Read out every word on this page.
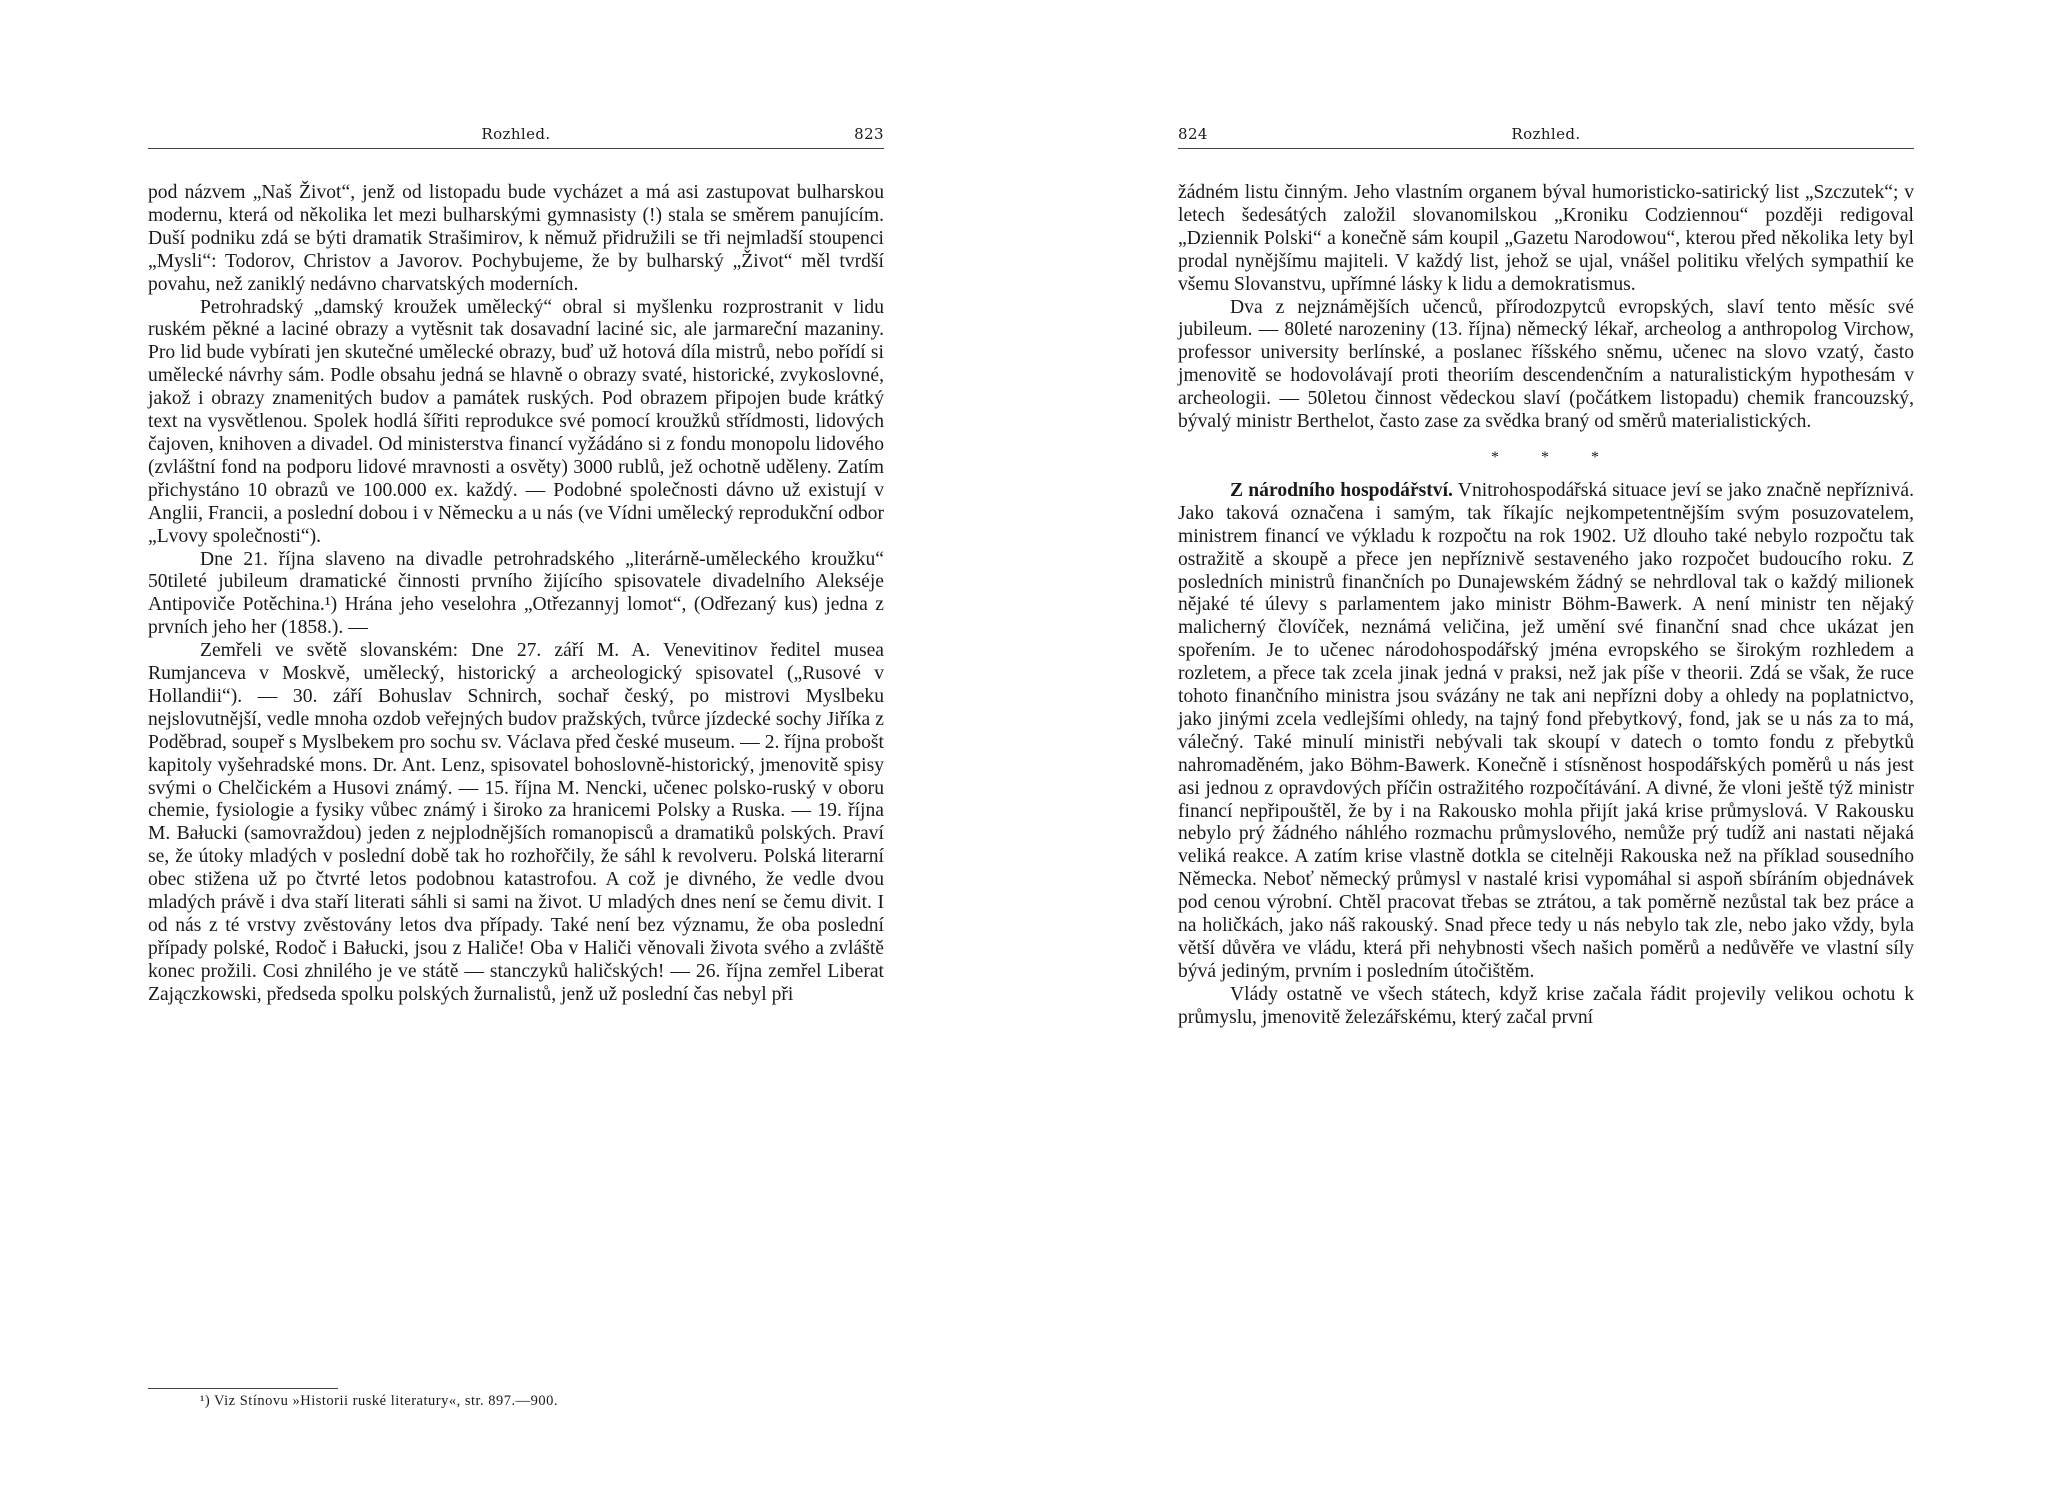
Rozhled.	823

pod názvem „Naš Život“, jenž od listopadu bude vycházet a má asi zastupovat bulharskou modernu, která od několika let mezi bulharskými gymnasisty (!) stala se směrem panujícím. Duší podniku zdá se býti dramatik Strašimirov, k němuž přidružili se tři nejmladší stoupenci „Mysli“: Todorov, Christov a Javorov. Pochybujeme, že by bulharský „Život“ měl tvrdší povahu, než zaniklý nedávno charvatských moderních.

Petrohradský „damský kroužek umělecký“ obral si myšlenku rozprostranit v lidu ruském pěkné a laciné obrazy a vytěsnit tak dosavadní laciné sic, ale jarmareční mazaniny. Pro lid bude vybírati jen skutečné umělecké obrazy, buď už hotová díla mistrů, nebo pořídí si umělecké návrhy sám. Podle obsahu jedná se hlavně o obrazy svaté, historické, zvykoslovné, jakož i obrazy znamenitých budov a památek ruských. Pod obrazem připojen bude krátký text na vysvětlenou. Spolek hodlá šířiti reprodukce své pomocí kroužků střídmosti, lidových čajoven, knihoven a divadel. Od ministerstva financí vyžádáno si z fondu monopolu lidového (zvláštní fond na podporu lidové mravnosti a osvěty) 3000 rublů, jež ochotně uděleny. Zatím přichystáno 10 obrazů ve 100.000 ex. každý. — Podobné společnosti dávno už existují v Anglii, Francii, a poslední dobou i v Německu a u nás (ve Vídni umělecký reprodukční odbor „Lvovy společnosti“).

Dne 21. října slaveno na divadle petrohradského „literárně-uměleckého kroužku“ 50tileté jubileum dramatické činnosti prvního žijícího spisovatele divadelního Alekséje Antipoviče Potěchina.¹) Hrána jeho veselohra „Otřezannyj lomot“, (Odřezaný kus) jedna z prvních jeho her (1858.). —

Zemřeli ve světě slovanském: Dne 27. září M. A. Venevitinov ředitel musea Rumjanceva v Moskvě, umělecký, historický a archeologický spisovatel („Rusové v Hollandii“). — 30. září Bohuslav Schnirch, sochař český, po mistrovi Myslbeku nejslovutnější, vedle mnoha ozdob veřejných budov pražských, tvůrce jízdecké sochy Jiříka z Poděbrad, soupeř s Myslbekem pro sochu sv. Václava před české museum. — 2. října probošt kapitoly vyšehradské mons. Dr. Ant. Lenz, spisovatel bohoslovně-historický, jmenovitě spisy svými o Chelčickém a Husovi známý. — 15. října M. Nencki, učenec polsko-ruský v oboru chemie, fysiologie a fysiky vůbec známý i široko za hranicemi Polsky a Ruska. — 19. října M. Bałucki (samovraždou) jeden z nejplodnějších romanopisců a dramatiků polských. Praví se, že útoky mladých v poslední době tak ho rozhořčily, že sáhl k revolveru. Polská literarní obec stižena už po čtvrté letos podobnou katastrofou. A což je divného, že vedle dvou mladých právě i dva staří literati sáhli si sami na život. U mladých dnes není se čemu divit. I od nás z té vrstvy zvěstovány letos dva případy. Také není bez významu, že oba poslední případy polské, Rodoč i Bałucki, jsou z Haliče! Oba v Haliči věnovali života svého a zvláště konec prožili. Cosi zhnilého je ve státě — stanczyků haličských! — 26. října zemřel Liberat Zajączkowski, předseda spolku polských žurnalistů, jenž už poslední čas nebyl při

¹) Viz Stínovu »Historii ruské literatury«, str. 897.—900.
824	Rozhled.

žádném listu činným. Jeho vlastním organem býval humoristicko-satirický list „Szczutek“; v letech šedesátých založil slovanomilskou „Kroniku Codziennou“ později redigoval „Dziennik Polski“ a konečně sám koupil „Gazetu Narodowou“, kterou před několika lety byl prodal nynějšímu majiteli. V každý list, jehož se ujal, vnášel politiku vřelých sympathií ke všemu Slovanstvu, upřímné lásky k lidu a demokratismus.

Dva z nejznámějších učenců, přírodozpytců evropských, slaví tento měsíc své jubileum. — 80leté narozeniny (13. října) německý lékař, archeolog a anthropolog Virchow, professor university berlínské, a poslanec říšského sněmu, učenec na slovo vzatý, často jmenovitě se hodovolávají proti theoriím descendenčním a naturalistickým hypothesám v archeologii. — 50letou činnost vědeckou slaví (počátkem listopadu) chemik francouzský, bývalý ministr Berthelot, často zase za svědka braný od směrů materialistických.

* * *

Z národního hospodářství. Vnitrohospodářská situace jeví se jako značně nepříznivá. Jako taková označena i samým, tak říkajíc nejkompetentnějším svým posuzovatelem, ministrem financí ve výkladu k rozpočtu na rok 1902. Už dlouho také nebylo rozpočtu tak ostražitě a skoupě a přece jen nepříznivě sestaveného jako rozpočet budoucího roku. Z posledních ministrů finančních po Dunajewském žádný se nehrdloval tak o každý milionek nějaké té úlevy s parlamentem jako ministr Böhm-Bawerk. A není ministr ten nějaký malicherný človíček, neznámá veličina, jež umění své finanční snad chce ukázat jen spořením. Je to učenec národohospodářský jména evropského se širokým rozhledem a rozletem, a přece tak zcela jinak jedná v praksi, než jak píše v theorii. Zdá se však, že ruce tohoto finančního ministra jsou svázány ne tak ani nepřízni doby a ohledy na poplatnictvo, jako jinými zcela vedlejšími ohledy, na tajný fond přebytkový, fond, jak se u nás za to má, válečný. Také minulí ministři nebývali tak skoupí v datech o tomto fondu z přebytků nahromaděném, jako Böhm-Bawerk. Konečně i stísněnost hospodářských poměrů u nás jest asi jednou z opravdových příčin ostražitého rozpočítávání. A divné, že vloni ještě týž ministr financí nepřipouštěl, že by i na Rakousko mohla přijít jaká krise průmyslová. V Rakousku nebylo prý žádného náhlého rozmachu průmyslového, nemůže prý tudíž ani nastati nějaká veliká reakce. A zatím krise vlastně dotkla se citelněji Rakouska než na příklad sousedního Německa. Neboť německý průmysl v nastalé krisi vypomáhal si aspoň sbíráním objednávek pod cenou výrobní. Chtěl pracovat třebas se ztrátou, a tak poměrně nezůstal tak bez práce a na holičkách, jako náš rakouský. Snad přece tedy u nás nebylo tak zle, nebo jako vždy, byla větší důvěra ve vládu, která při nehybnosti všech našich poměrů a nedůvěře ve vlastní síly bývá jediným, prvním i posledním útočištěm.

Vlády ostatně ve všech státech, když krise začala řádit projevily velikou ochotu k průmyslu, jmenovitě železářskému, který začal první
